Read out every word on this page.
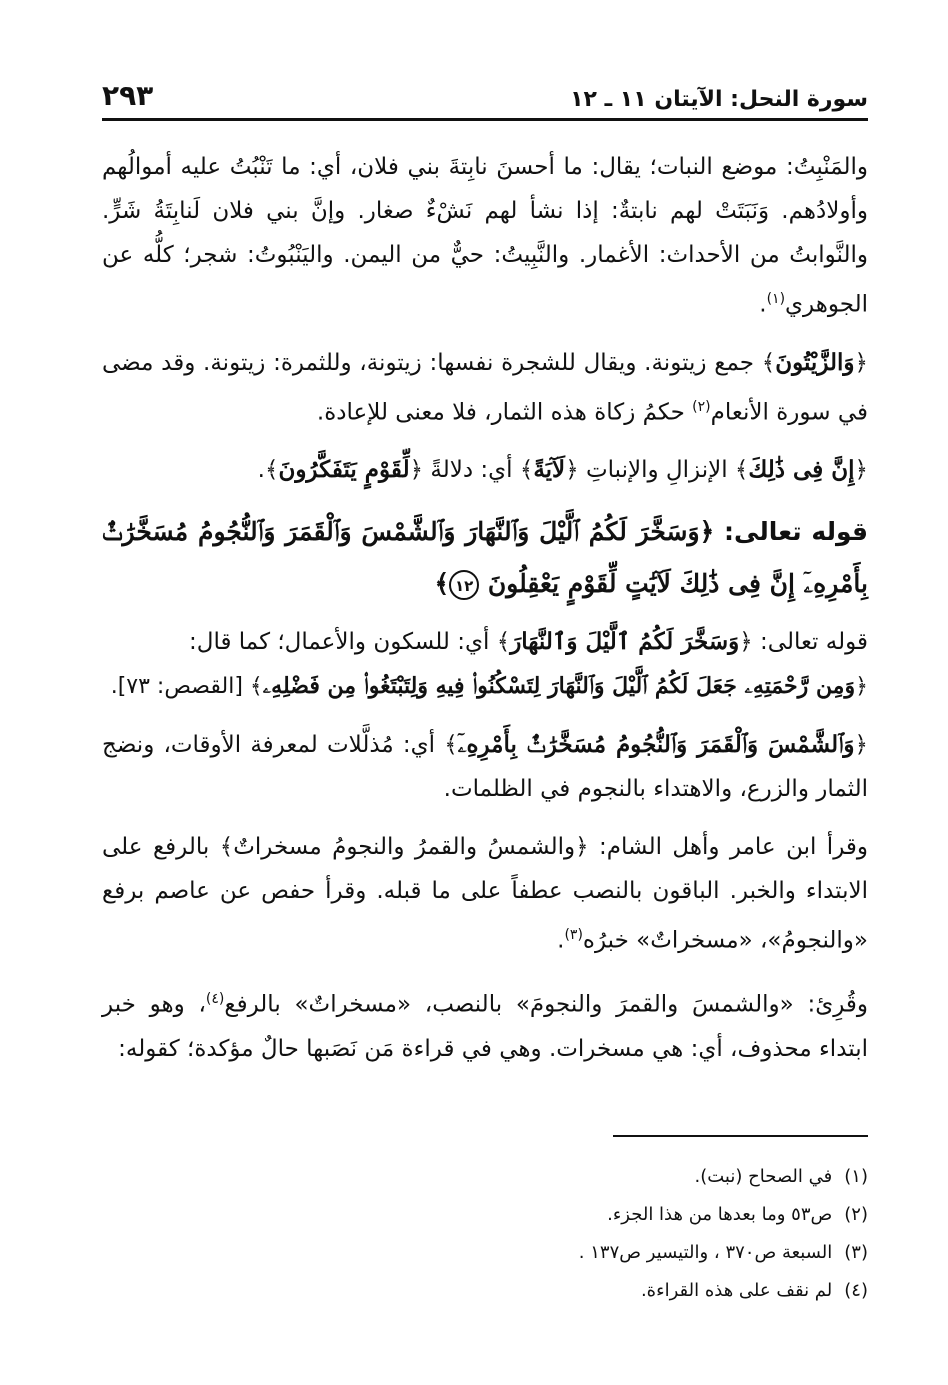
سورة النحل: الآيتان ١١ ـ ١٢
٢٩٣

والمَنْبِتُ: موضع النبات؛ يقال: ما أحسنَ نابِتةَ بني فلان، أي: ما تَنْبُتُ عليه أموالُهم وأولادُهم. وَنَبَتَتْ لهم نابتةٌ: إذا نشأ لهم نَشْءٌ صغار. وإنَّ بني فلان لَنابِتَةُ شَرٍّ. والنَّوابتُ من الأحداث: الأغمار. والنَّبِيتُ: حيٌّ من اليمن. واليَنْبُوتُ: شجر؛ كلُّه عن الجوهري$^{(١)}$.

﴿وَالزَّيْتُونَ﴾ جمع زيتونة. ويقال للشجرة نفسها: زيتونة، وللثمرة: زيتونة. وقد مضى في سورة الأنعام$^{(٢)}$ حكمُ زكاة هذه الثمار، فلا معنى للإعادة.

﴿إِنَّ فِى ذَٰلِكَ﴾ الإنزالِ والإنباتِ ﴿لَآيَةً﴾ أي: دلالةً ﴿لِّقَوْمٍ يَتَفَكَّرُونَ﴾.

قوله تعالى: ﴿وَسَخَّرَ لَكُمُ ٱلَّيْلَ وَٱلنَّهَارَ وَٱلشَّمْسَ وَٱلْقَمَرَ وَٱلنُّجُومُ مُسَخَّرَٰتٌۢ بِأَمْرِهِۦٓ إِنَّ فِى ذَٰلِكَ لَآيَٰتٍ لِّقَوْمٍ يَعْقِلُونَ ١٢﴾

قوله تعالى: ﴿وَسَخَّرَ لَكُمُ ٱلَّيْلَ وَٱلنَّهَارَ﴾ أي: للسكون والأعمال؛ كما قال:
﴿وَمِن رَّحْمَتِهِۦ جَعَلَ لَكُمُ ٱلَّيْلَ وَٱلنَّهَارَ لِتَسْكُنُوا۟ فِيهِ وَلِتَبْتَغُوا۟ مِن فَضْلِهِۦ﴾ [القصص: ٧٣].

﴿وَٱلشَّمْسَ وَٱلْقَمَرَ وَٱلنُّجُومُ مُسَخَّرَٰتٌۢ بِأَمْرِهِۦٓ﴾ أي: مُذلَّلات لمعرفة الأوقات، ونضج الثمار والزرع، والاهتداء بالنجوم في الظلمات.

وقرأ ابن عامر وأهل الشام: ﴿والشمسُ والقمرُ والنجومُ مسخراتٌ﴾ بالرفع على الابتداء والخبر. الباقون بالنصب عطفاً على ما قبله. وقرأ حفص عن عاصم برفع «والنجومُ»، «مسخراتٌ» خبرُه$^{(٣)}$.

وقُرِئ: «والشمسَ والقمرَ والنجومَ» بالنصب، «مسخراتٌ» بالرفع$^{(٤)}$، وهو خبر ابتداء محذوف، أي: هي مسخرات. وهي في قراءة مَن نَصَبها حالٌ مؤكدة؛ كقوله:

(١)في الصحاح (نبت).
(٢)ص٥٣ وما بعدها من هذا الجزء.
(٣)السبعة ص٣٧٠ ، والتيسير ص١٣٧ .
(٤)لم نقف على هذه القراءة.
